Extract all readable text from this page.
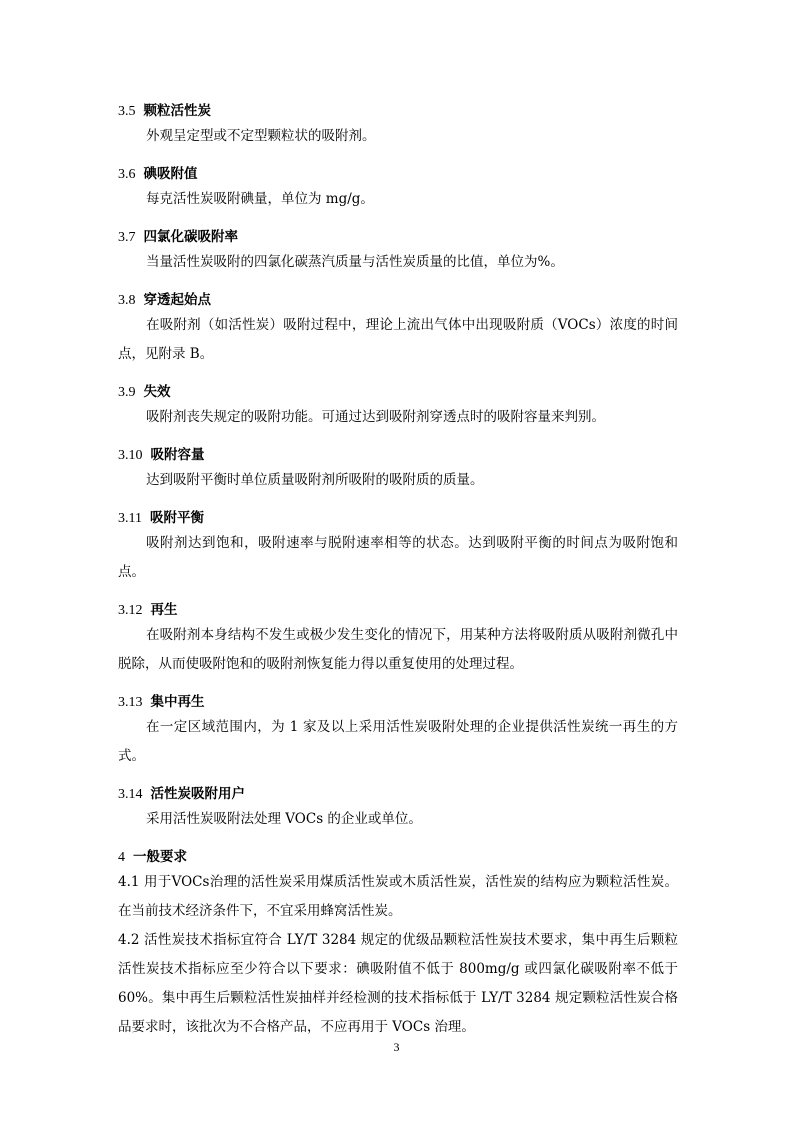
3.5 颗粒活性炭
外观呈定型或不定型颗粒状的吸附剂。
3.6 碘吸附值
每克活性炭吸附碘量，单位为 mg/g。
3.7 四氯化碳吸附率
当量活性炭吸附的四氯化碳蒸汽质量与活性炭质量的比值，单位为%。
3.8 穿透起始点
在吸附剂（如活性炭）吸附过程中，理论上流出气体中出现吸附质（VOCs）浓度的时间点，见附录 B。
3.9 失效
吸附剂丧失规定的吸附功能。可通过达到吸附剂穿透点时的吸附容量来判别。
3.10 吸附容量
达到吸附平衡时单位质量吸附剂所吸附的吸附质的质量。
3.11 吸附平衡
吸附剂达到饱和，吸附速率与脱附速率相等的状态。达到吸附平衡的时间点为吸附饱和点。
3.12 再生
在吸附剂本身结构不发生或极少发生变化的情况下，用某种方法将吸附质从吸附剂微孔中脱除，从而使吸附饱和的吸附剂恢复能力得以重复使用的处理过程。
3.13 集中再生
在一定区域范围内，为 1 家及以上采用活性炭吸附处理的企业提供活性炭统一再生的方式。
3.14 活性炭吸附用户
采用活性炭吸附法处理 VOCs 的企业或单位。
4 一般要求
4.1 用于VOCs治理的活性炭采用煤质活性炭或木质活性炭，活性炭的结构应为颗粒活性炭。在当前技术经济条件下，不宜采用蜂窝活性炭。
4.2 活性炭技术指标宜符合 LY/T 3284 规定的优级品颗粒活性炭技术要求，集中再生后颗粒活性炭技术指标应至少符合以下要求：碘吸附值不低于 800mg/g 或四氯化碳吸附率不低于 60%。集中再生后颗粒活性炭抽样并经检测的技术指标低于 LY/T 3284 规定颗粒活性炭合格品要求时，该批次为不合格产品，不应再用于 VOCs 治理。
3
